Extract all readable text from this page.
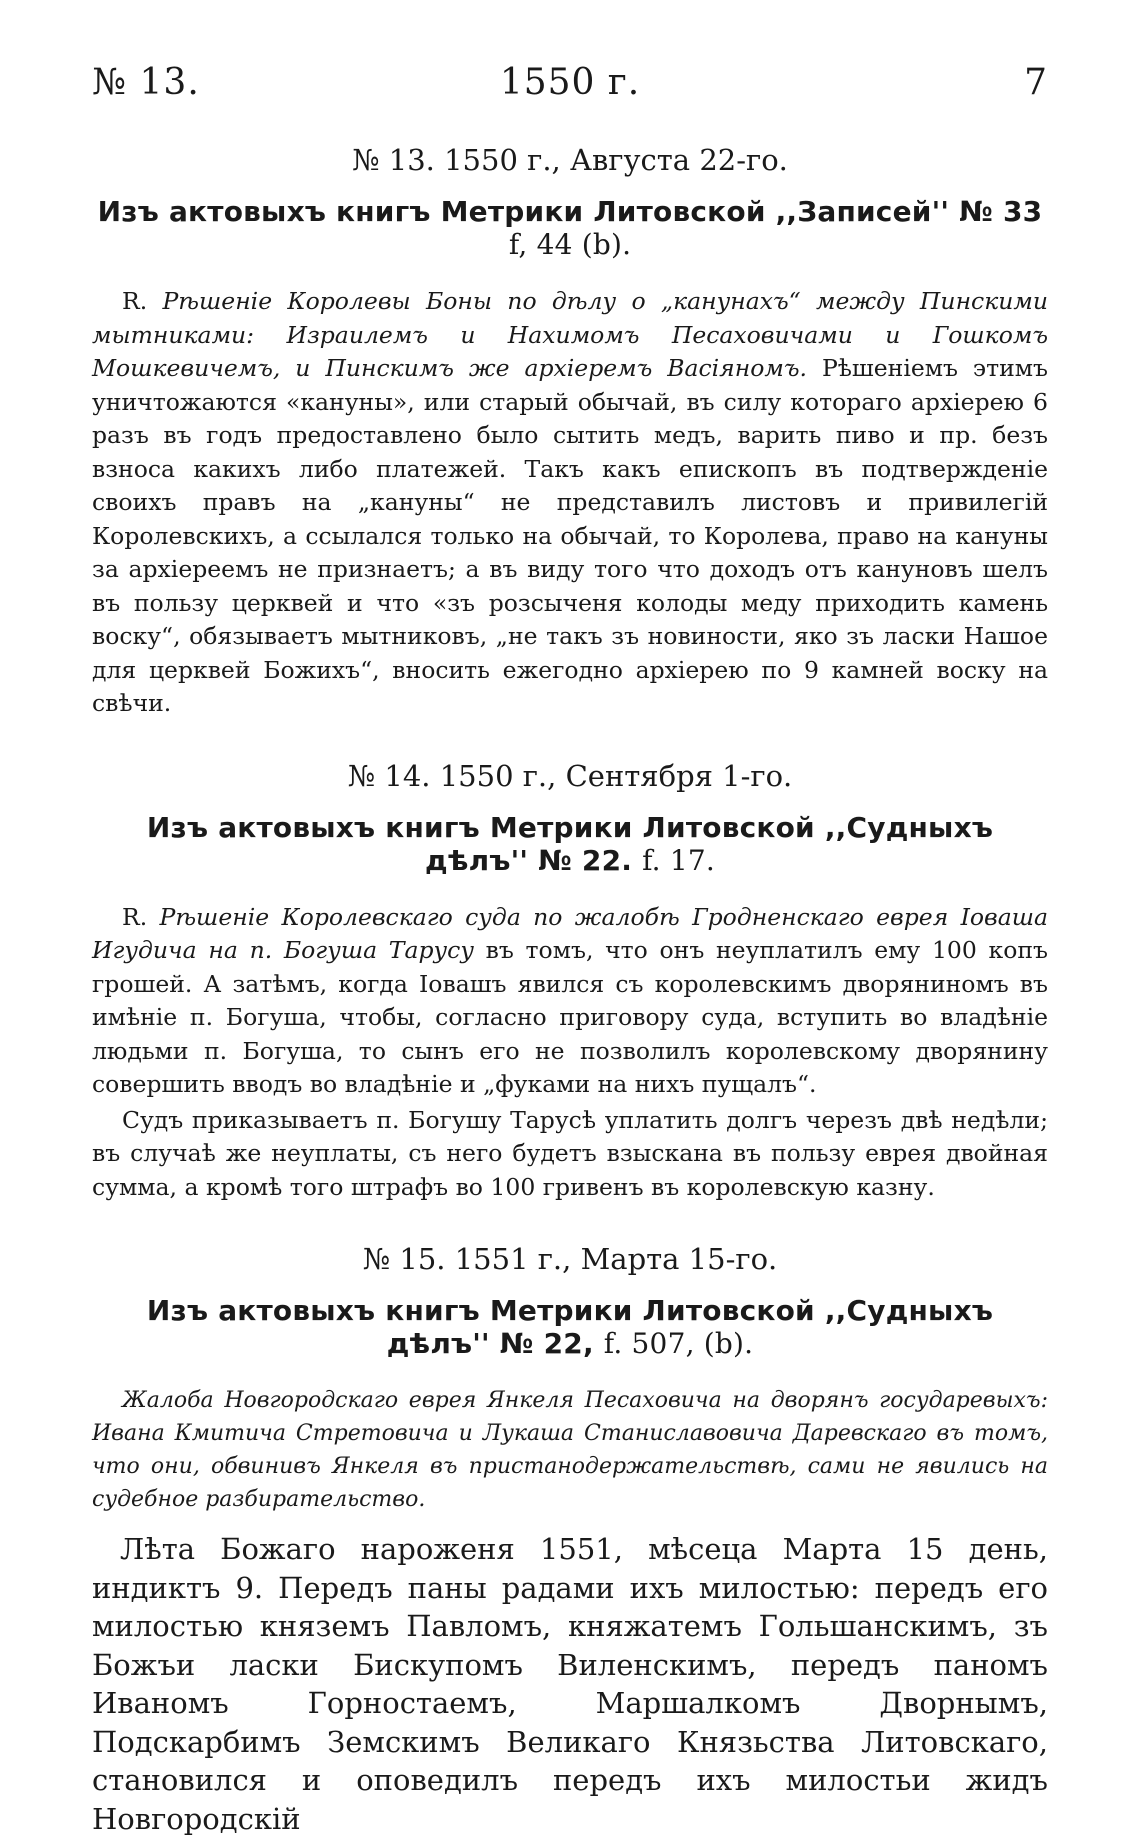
№ 13.	1550 г.	7
№ 13. 1550 г., Августа 22-го.

Изъ актовыхъ книгъ Метрики Литовской ,,Записей'' № 33 f, 44 (b).

R. Рѣшеніе Королевы Боны по дѣлу о „канунахъ“ между Пинскими мытниками: Израилемъ и Нахимомъ Песаховичами и Гошкомъ Мошкевичемъ, и Пинскимъ же архіеремъ Васіяномъ. Рѣшеніемъ этимъ уничтожаются «кануны», или старый обычай, въ силу котораго архіерею 6 разъ въ годъ предоставлено было сытить медъ, варить пиво и пр. безъ взноса какихъ либо платежей. Такъ какъ епископъ въ подтвержденіе своихъ правъ на „кануны“ не представилъ листовъ и привилегій Королевскихъ, а ссылался только на обычай, то Королева, право на кануны за архіереемъ не признаетъ; а въ виду того что доходъ отъ кануновъ шелъ въ пользу церквей и что «зъ розсыченя колоды меду приходить камень воску“, обязываетъ мытниковъ, „не такъ зъ новиности, яко зъ ласки Нашое для церквей Божихъ“, вносить ежегодно архіерею по 9 камней воску на свѣчи.

№ 14. 1550 г., Сентября 1-го.

Изъ актовыхъ книгъ Метрики Литовской ,,Судныхъ дѣлъ'' № 22. f. 17.

R. Рѣшеніе Королевскаго суда по жалобѣ Гродненскаго еврея Іоваша Игудича на п. Богуша Тарусу въ томъ, что онъ неуплатилъ ему 100 копъ грошей. А затѣмъ, когда Іовашъ явился съ королевскимъ дворяниномъ въ имѣніе п. Богуша, чтобы, согласно приговору суда, вступить во владѣніе людьми п. Богуша, то сынъ его не позволилъ королевскому дворянину совершить вводъ во владѣніе и „фуками на нихъ пущалъ“.

Судъ приказываетъ п. Богушу Тарусѣ уплатить долгъ черезъ двѣ недѣли; въ случаѣ же неуплаты, съ него будетъ взыскана въ пользу еврея двойная сумма, а кромѣ того штрафъ во 100 гривенъ въ королевскую казну.

№ 15. 1551 г., Марта 15-го.

Изъ актовыхъ книгъ Метрики Литовской ,,Судныхъ дѣлъ'' № 22, f. 507, (b).

Жалоба Новгородскаго еврея Янкеля Песаховича на дворянъ государевыхъ: Ивана Кмитича Стретовича и Лукаша Станиславовича Даревскаго въ томъ, что они, обвинивъ Янкеля въ пристанодержательствѣ, сами не явились на судебное разбирательство.

Лѣта Божаго нароженя 1551, мѣсеца Марта 15 день, индиктъ 9. Передъ паны радами ихъ милостью: передъ его милостью княземъ Павломъ, княжатемъ Гольшанскимъ, зъ Божъи ласки Бискупомъ Виленскимъ, передъ паномъ Иваномъ Горностаемъ, Маршалкомъ Дворнымъ, Подскарбимъ Земскимъ Великаго Князьства Литовскаго, становился и оповедилъ передъ ихъ милостьи жидъ Новгородскій
